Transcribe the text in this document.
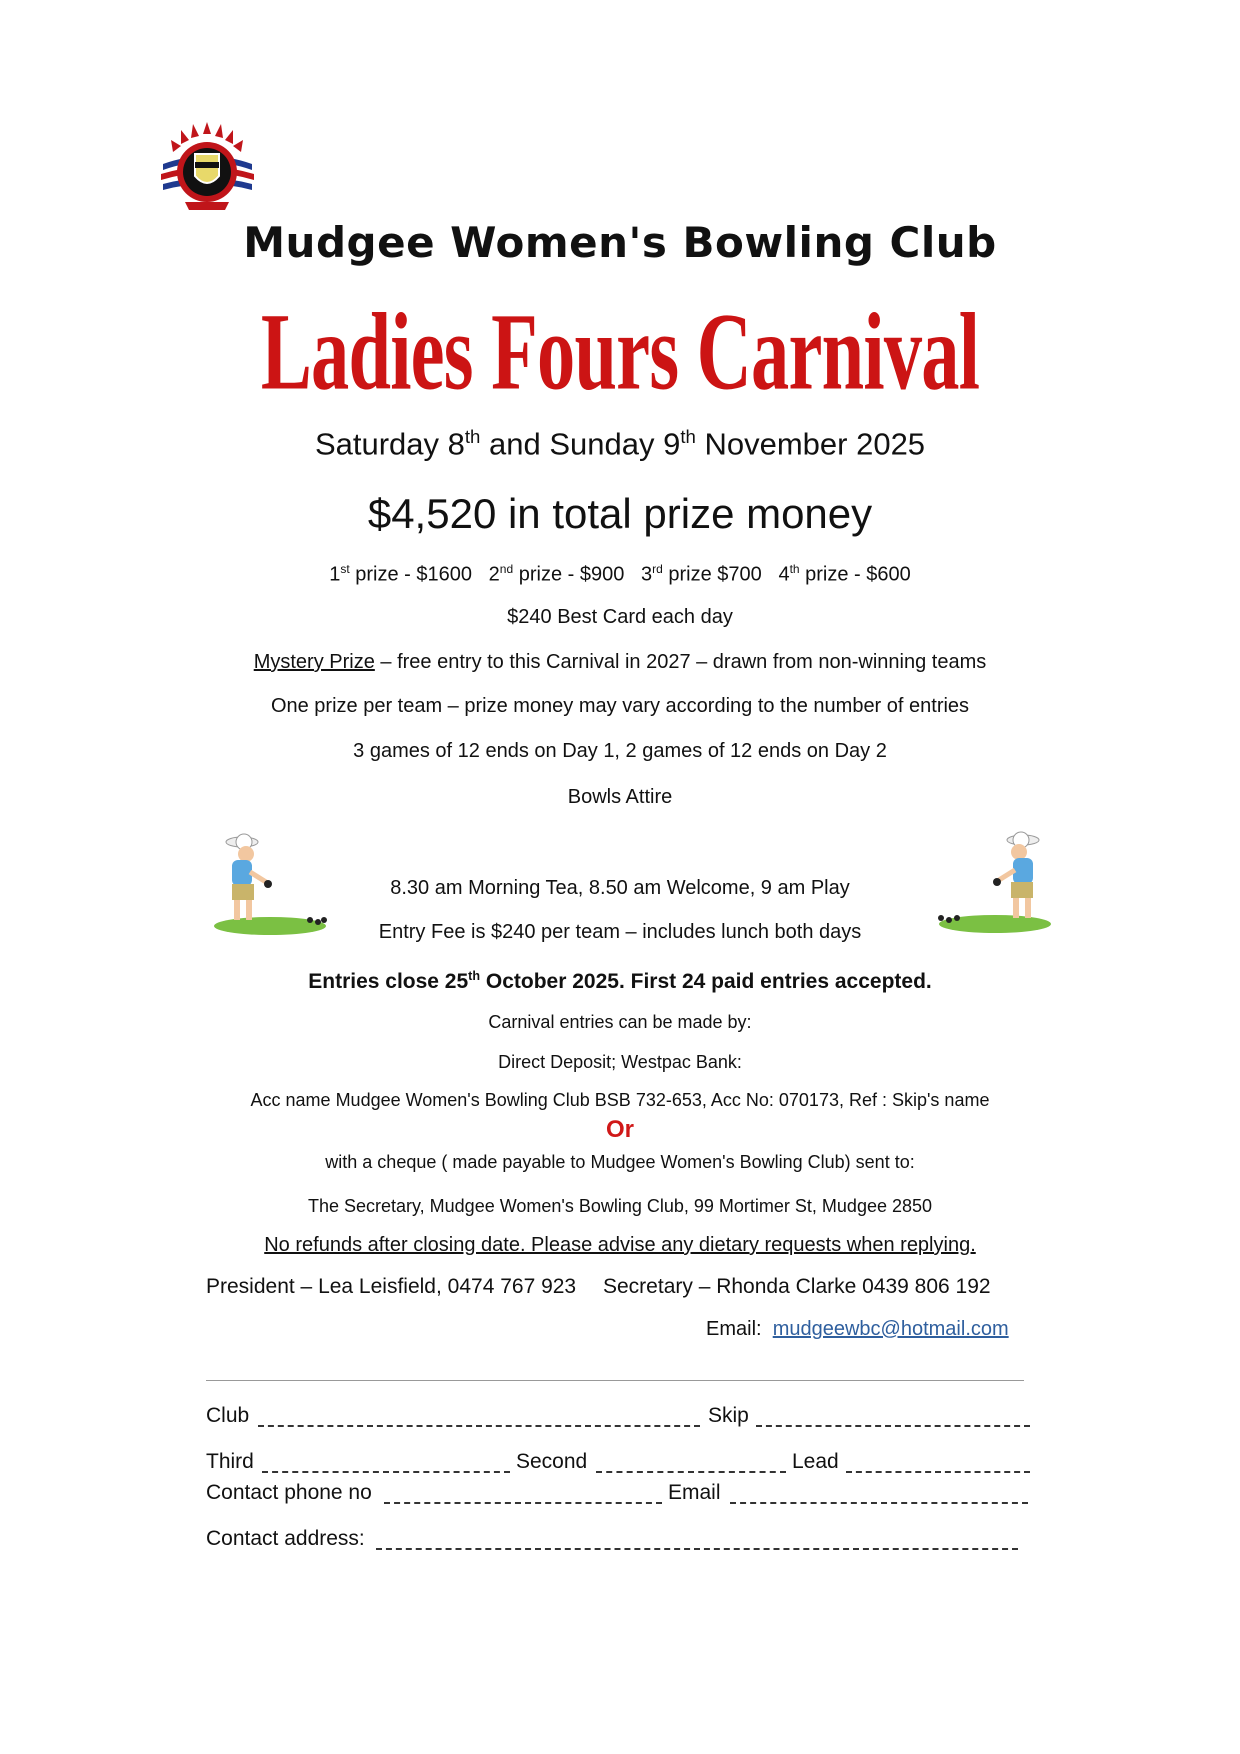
Mudgee Women's Bowling Club
Ladies Fours Carnival
Saturday 8th and Sunday 9th November 2025
$4,520 in total prize money
1st prize - $1600 2nd prize - $900 3rd prize $700 4th prize - $600
$240 Best Card each day
Mystery Prize – free entry to this Carnival in 2027 – drawn from non-winning teams
One prize per team – prize money may vary according to the number of entries
3 games of 12 ends on Day 1, 2 games of 12 ends on Day 2
Bowls Attire
8.30 am Morning Tea, 8.50 am Welcome, 9 am Play
Entry Fee is $240 per team – includes lunch both days
Entries close 25th October 2025. First 24 paid entries accepted.
Carnival entries can be made by:
Direct Deposit; Westpac Bank:
Acc name Mudgee Women's Bowling Club BSB 732-653, Acc No: 070173, Ref : Skip's name
Or
with a cheque ( made payable to Mudgee Women's Bowling Club) sent to:
The Secretary, Mudgee Women's Bowling Club, 99 Mortimer St, Mudgee 2850
No refunds after closing date. Please advise any dietary requests when replying.
President – Lea Leisfield, 0474 767 923 Secretary – Rhonda Clarke 0439 806 192
Email: mudgeewbc@hotmail.com
Club	Skip
Third	Second	Lead
Contact phone no	Email
Contact address:
